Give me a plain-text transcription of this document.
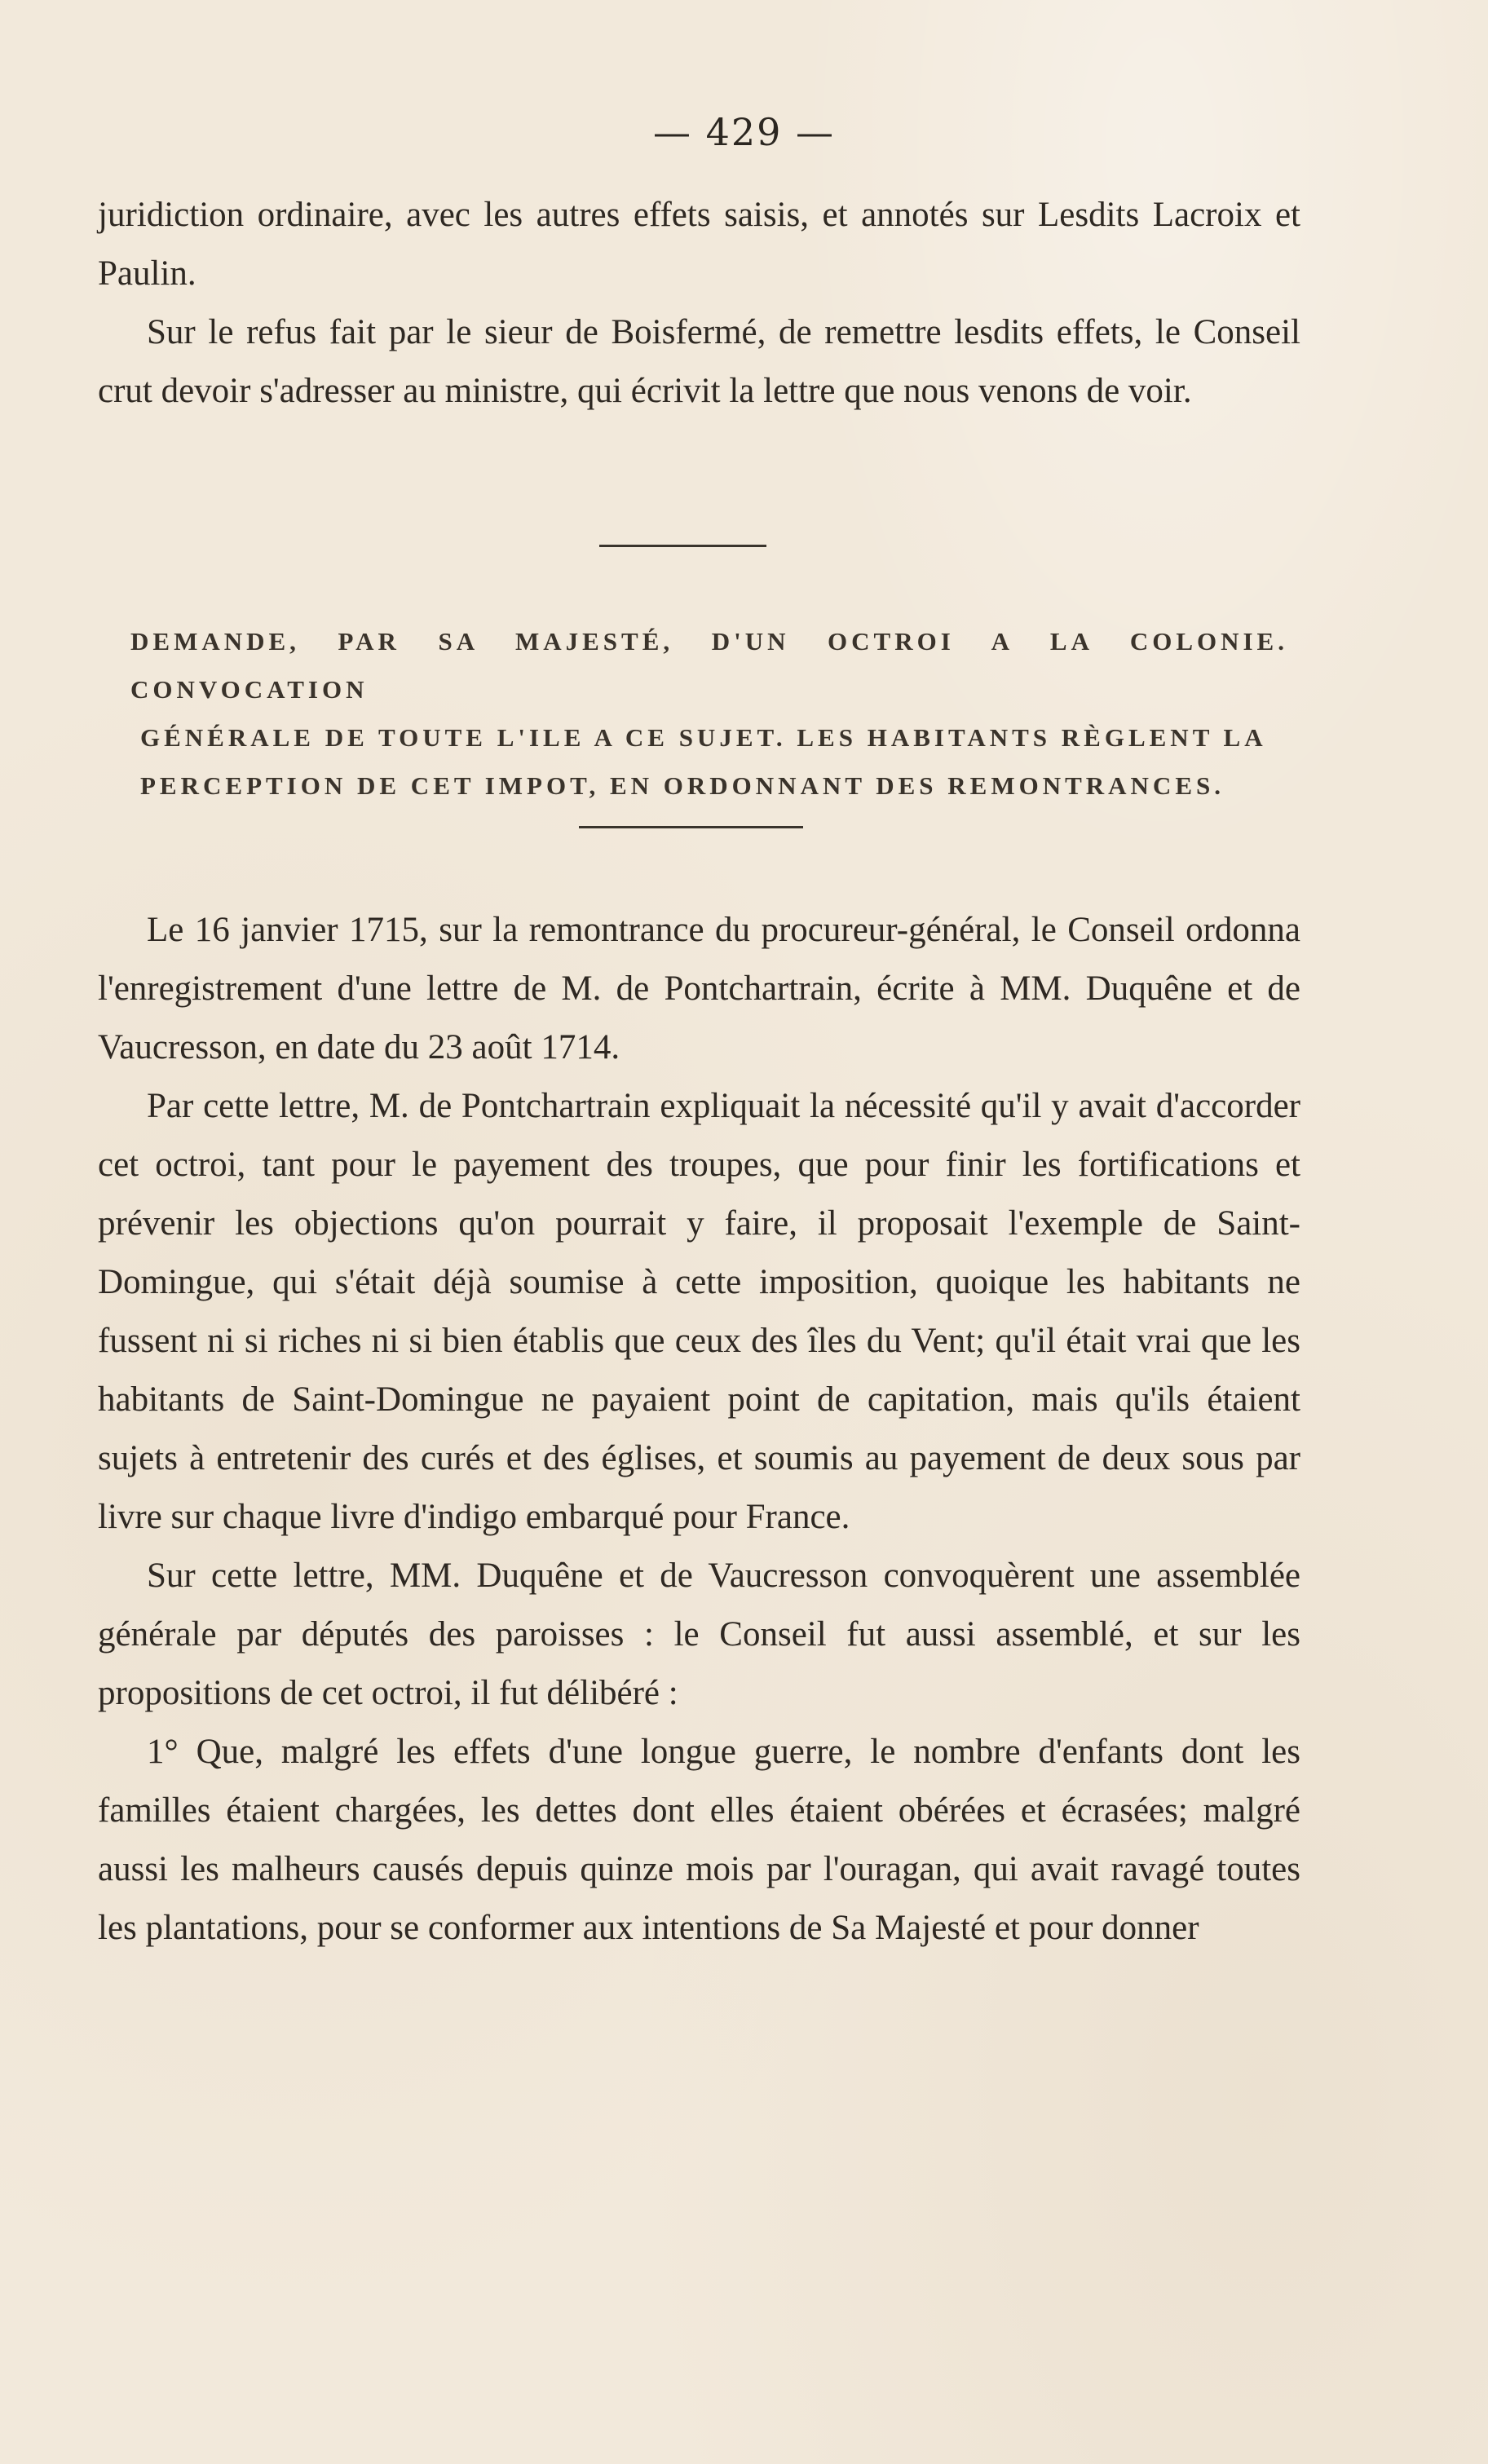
— 429 —

juridiction ordinaire, avec les autres effets saisis, et annotés sur Lesdits Lacroix et Paulin.

Sur le refus fait par le sieur de Boisfermé, de remettre lesdits effets, le Conseil crut devoir s'adresser au ministre, qui écrivit la lettre que nous venons de voir.

DEMANDE, PAR SA MAJESTÉ, D'UN OCTROI A LA COLONIE. CONVOCATION
GÉNÉRALE DE TOUTE L'ILE A CE SUJET. LES HABITANTS RÈGLENT LA
PERCEPTION DE CET IMPOT, EN ORDONNANT DES REMONTRANCES.

Le 16 janvier 1715, sur la remontrance du procureur-général, le Conseil ordonna l'enregistrement d'une lettre de M. de Pontchartrain, écrite à MM. Duquêne et de Vaucresson, en date du 23 août 1714.

Par cette lettre, M. de Pontchartrain expliquait la nécessité qu'il y avait d'accorder cet octroi, tant pour le payement des troupes, que pour finir les fortifications et prévenir les objections qu'on pourrait y faire, il proposait l'exemple de Saint-Domingue, qui s'était déjà soumise à cette imposition, quoique les habitants ne fussent ni si riches ni si bien établis que ceux des îles du Vent; qu'il était vrai que les habitants de Saint-Domingue ne payaient point de capitation, mais qu'ils étaient sujets à entretenir des curés et des églises, et soumis au payement de deux sous par livre sur chaque livre d'indigo embarqué pour France.

Sur cette lettre, MM. Duquêne et de Vaucresson convoquèrent une assemblée générale par députés des paroisses : le Conseil fut aussi assemblé, et sur les propositions de cet octroi, il fut délibéré :

1° Que, malgré les effets d'une longue guerre, le nombre d'enfants dont les familles étaient chargées, les dettes dont elles étaient obérées et écrasées; malgré aussi les malheurs causés depuis quinze mois par l'ouragan, qui avait ravagé toutes les plantations, pour se conformer aux intentions de Sa Majesté et pour donner
